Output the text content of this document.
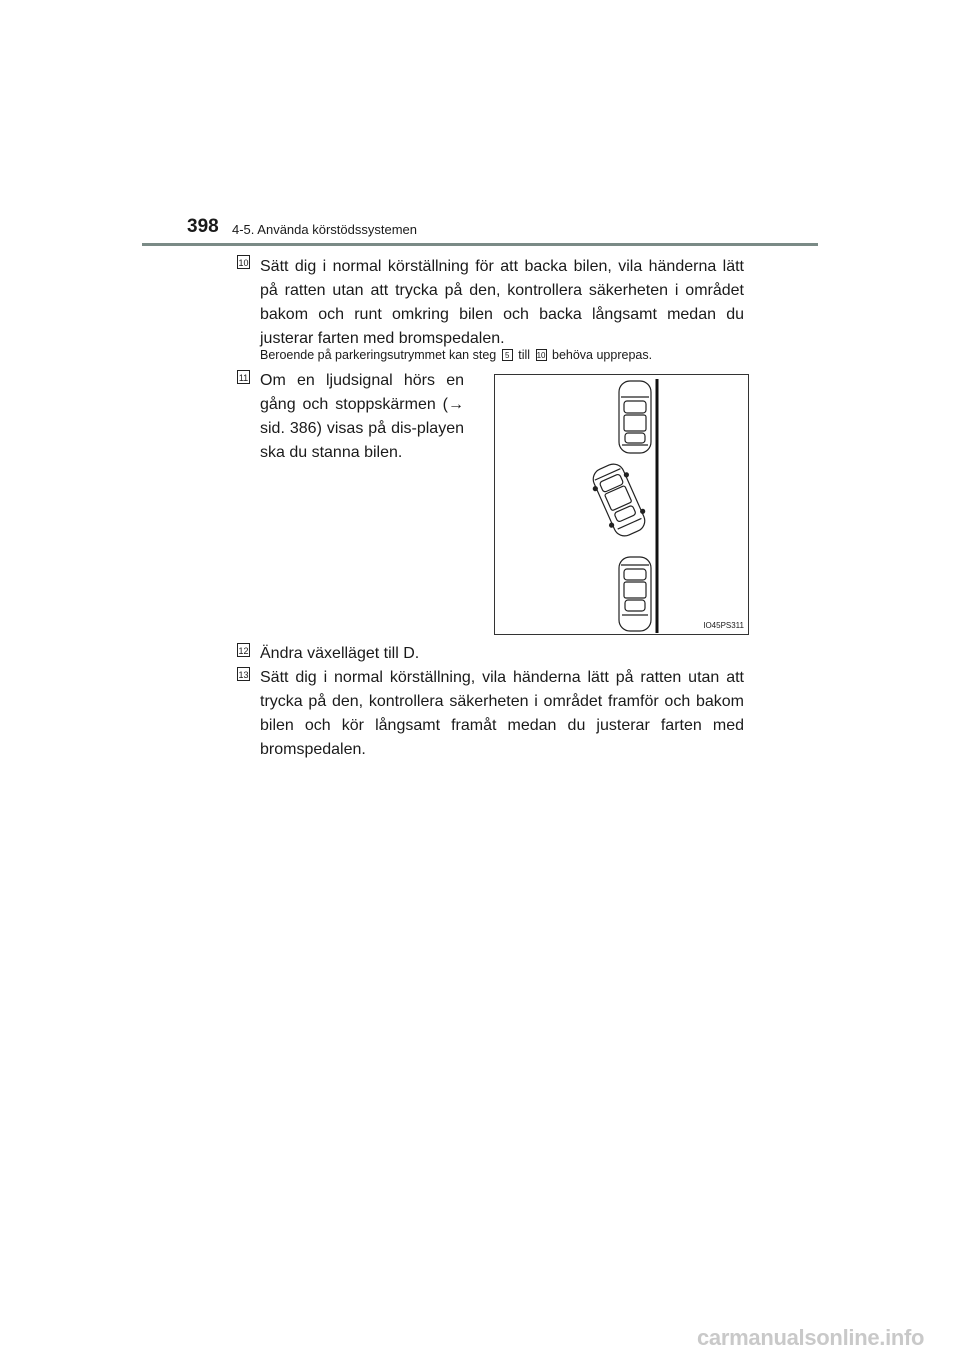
398 4-5. Använda körstödssystemen
10 Sätt dig i normal körställning för att backa bilen, vila händerna lätt på ratten utan att trycka på den, kontrollera säkerheten i området bakom och runt omkring bilen och backa långsamt medan du justerar farten med bromspedalen.
Beroende på parkeringsutrymmet kan steg 5 till 10 behöva upprepas.
11 Om en ljudsignal hörs en gång och stoppskärmen (→ sid. 386) visas på dis-playen ska du stanna bilen.
IO45PS311
12 Ändra växelläget till D.
13 Sätt dig i normal körställning, vila händerna lätt på ratten utan att trycka på den, kontrollera säkerheten i området framför och bakom bilen och kör långsamt framåt medan du justerar farten med bromspedalen.
carmanualsonline.info
